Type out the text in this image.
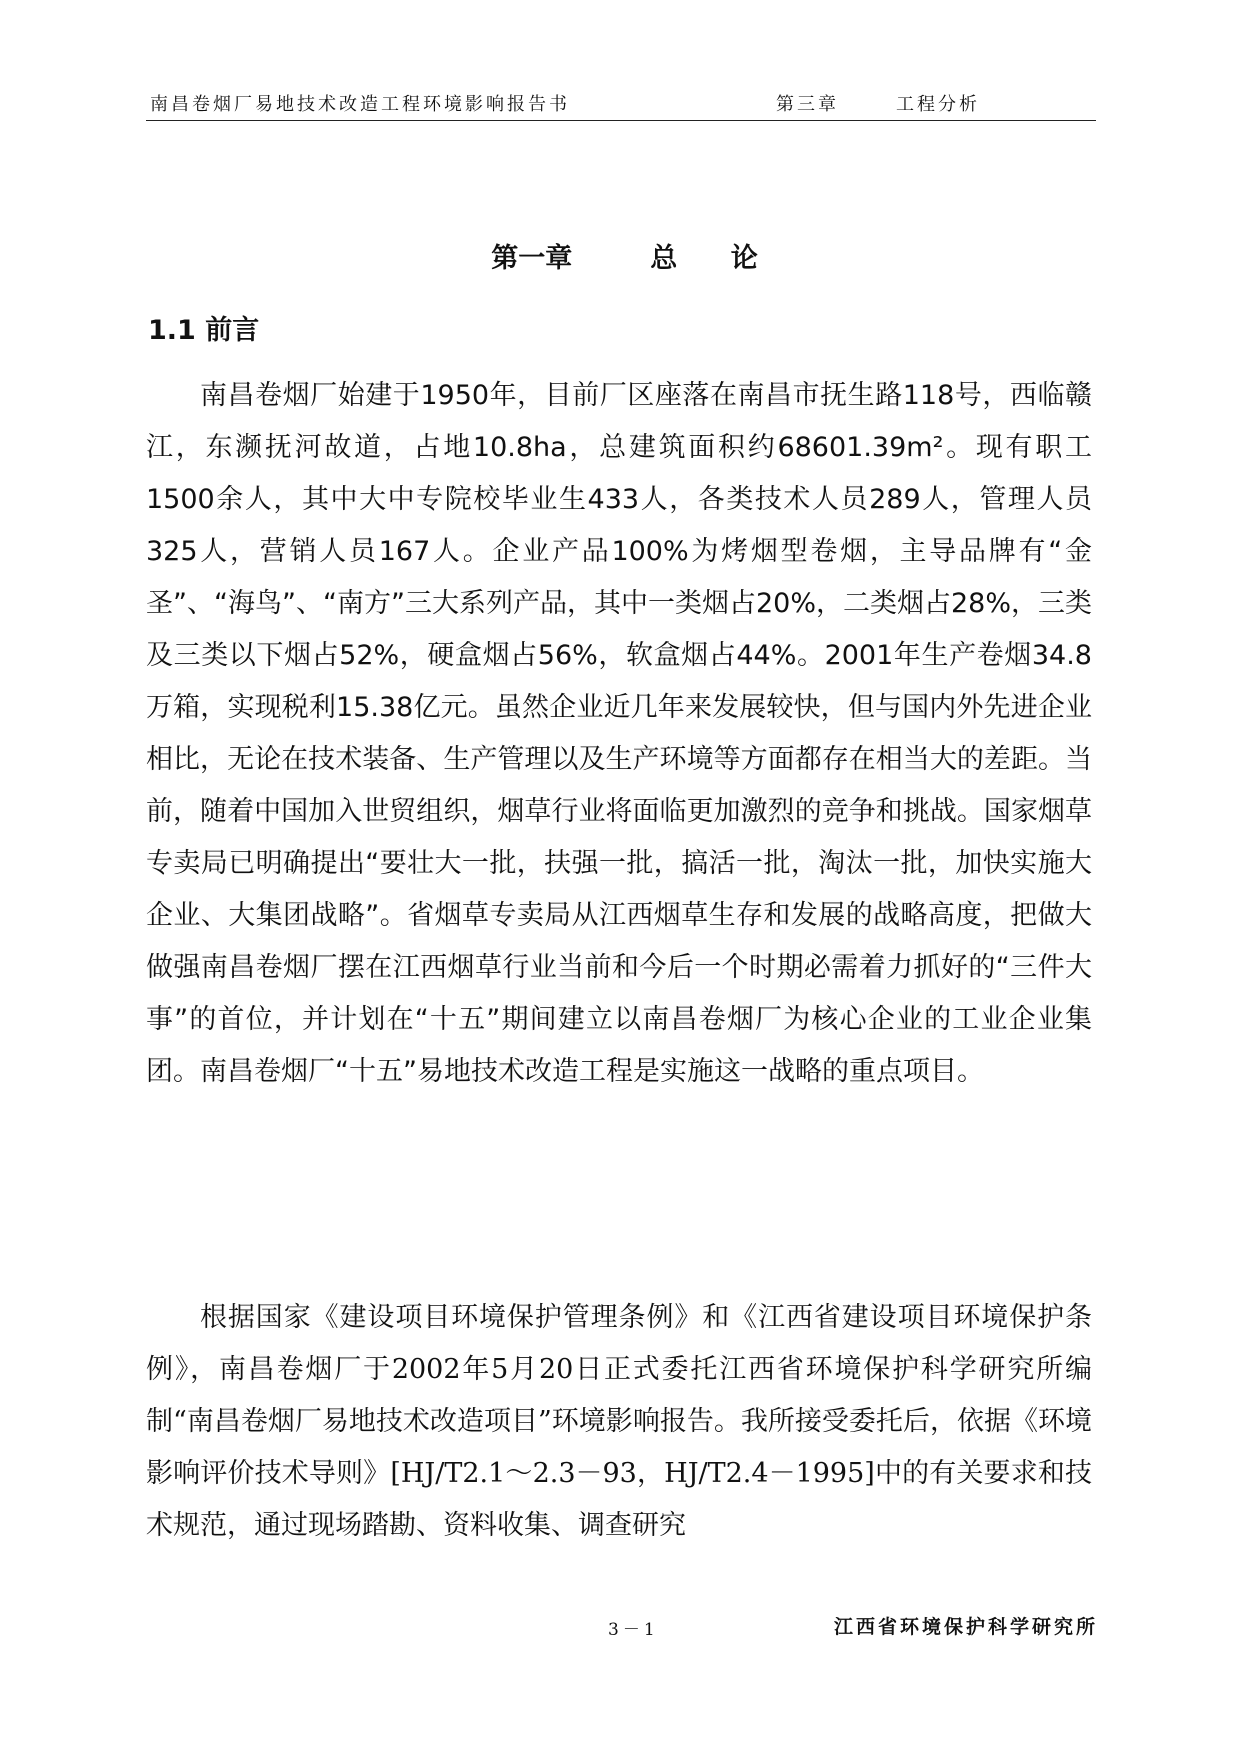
南昌卷烟厂易地技术改造工程环境影响报告书	第三章	工程分析
第一章	总 论
1.1 前言

南昌卷烟厂始建于1950年，目前厂区座落在南昌市抚生路118号，西临赣江，东濒抚河故道，占地10.8ha，总建筑面积约68601.39m²。现有职工1500余人，其中大中专院校毕业生433人，各类技术人员289人，管理人员325人，营销人员167人。企业产品100%为烤烟型卷烟，主导品牌有“金圣”、“海鸟”、“南方”三大系列产品，其中一类烟占20%，二类烟占28%，三类及三类以下烟占52%，硬盒烟占56%，软盒烟占44%。2001年生产卷烟34.8万箱，实现税利15.38亿元。虽然企业近几年来发展较快，但与国内外先进企业相比，无论在技术装备、生产管理以及生产环境等方面都存在相当大的差距。当前，随着中国加入世贸组织，烟草行业将面临更加激烈的竞争和挑战。国家烟草专卖局已明确提出“要壮大一批，扶强一批，搞活一批，淘汰一批，加快实施大企业、大集团战略”。省烟草专卖局从江西烟草生存和发展的战略高度，把做大做强南昌卷烟厂摆在江西烟草行业当前和今后一个时期必需着力抓好的“三件大事”的首位，并计划在“十五”期间建立以南昌卷烟厂为核心企业的工业企业集团。南昌卷烟厂“十五”易地技术改造工程是实施这一战略的重点项目。

根据国家《建设项目环境保护管理条例》和《江西省建设项目环境保护条例》，南昌卷烟厂于2002年5月20日正式委托江西省环境保护科学研究所编制“南昌卷烟厂易地技术改造项目”环境影响报告。我所接受委托后，依据《环境影响评价技术导则》[HJ/T2.1～2.3－93，HJ/T2.4－1995]中的有关要求和技术规范，通过现场踏勘、资料收集、调查研究

3－1	江西省环境保护科学研究所
